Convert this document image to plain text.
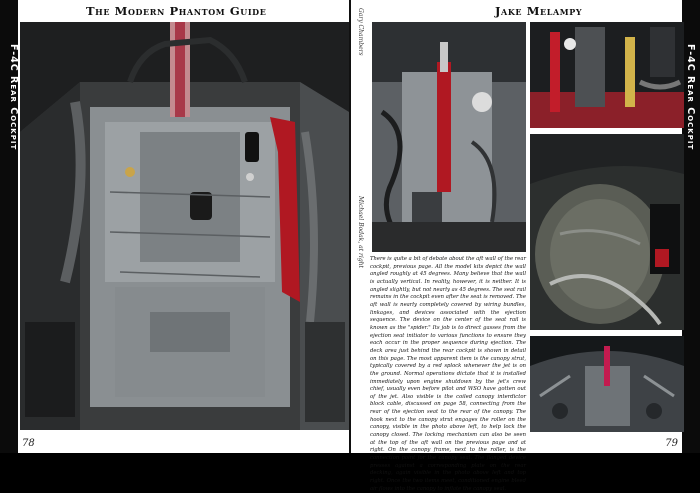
F-4C Rear Cockpit
The Modern Phantom Guide
78
F-4C Rear Cockpit
Jake Melampy
Gary Chambers
Michael Bodak, at right There is quite a bit of debate about the aft wall of the rear cockpit, previous page. All the model kits depict the wall angled roughly at 45 degrees. Many believe that the wall is actually vertical. In reality, however, it is neither. It is angled slightly, but not nearly as 45 degrees. The seat rail remains in the cockpit even after the seat is removed. The aft wall is nearly completely covered by wiring bundles, linkages, and devices associated with the ejection sequence. The device on the center of the seat rail is known as the "spider." Its job is to direct gasses from the ejection seat initiator to various functions to ensure they each occur in the proper sequence during ejection. The deck area just behind the rear cockpit is shown in detail on this page. The most apparent item is the canopy strut, typically covered by a red splock whenever the jet is on the ground. Normal operations dictate that it is installed immediately upon engine shutdown by the jet's crew chief, usually even before pilot and WSO have gotten out of the jet. Also visible is the coiled canopy interdictor block cable, discussed on page 58, connecting from the rear of the ejection seat to the rear of the canopy. The hook next to the canopy strut engages the roller on the canopy, visible in the photo above left, to help lock the canopy closed. The locking mechanism can also be seen at the top of the aft wall on the previous page and at right. On the canopy frame, next to the roller, is the connection point for the canopy seal. The flanged device presses against a corresponding plate on the rear decking, again visible in the photo above left and top right. Once the two items meet, conditioned engine bleed air flows into the canopy to inflate the canopy seal.
79
